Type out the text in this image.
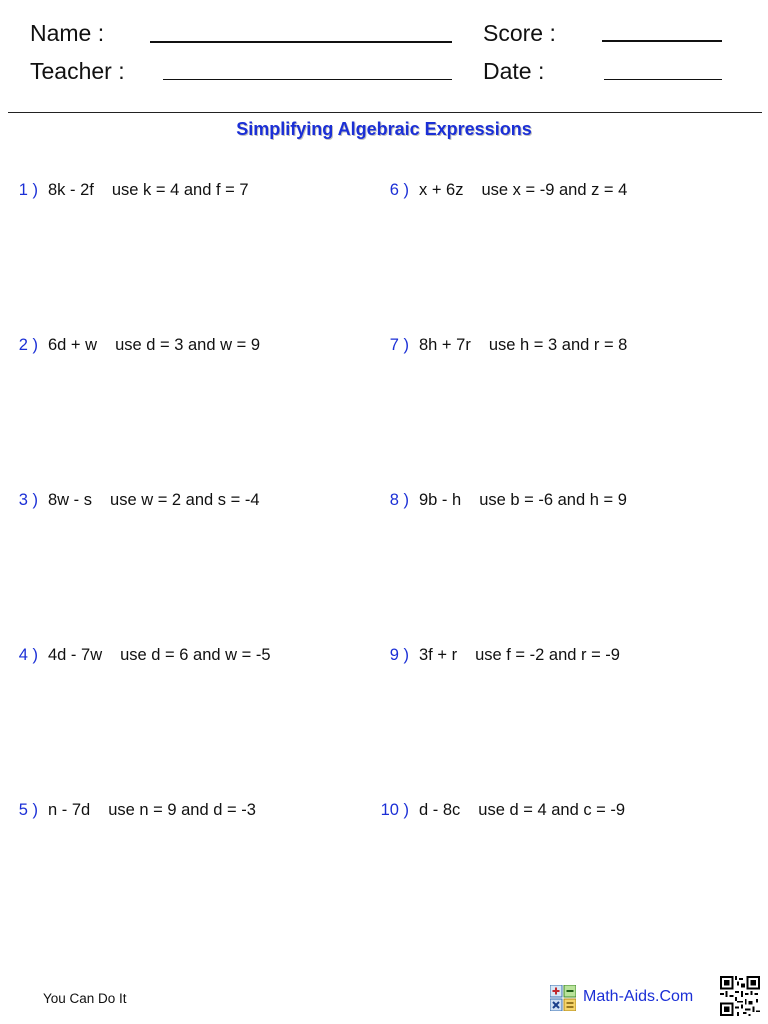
Name :
Teacher :
Score :
Date :
Simplifying Algebraic Expressions
1 ) 8k - 2f use k = 4 and f = 7
2 ) 6d + w use d = 3 and w = 9
3 ) 8w - s use w = 2 and s = -4
4 ) 4d - 7w use d = 6 and w = -5
5 ) n - 7d use n = 9 and d = -3
6 ) x + 6z use x = -9 and z = 4
7 ) 8h + 7r use h = 3 and r = 8
8 ) 9b - h use b = -6 and h = 9
9 ) 3f + r use f = -2 and r = -9
10 ) d - 8c use d = 4 and c = -9
You Can Do It	Math-Aids.Com
